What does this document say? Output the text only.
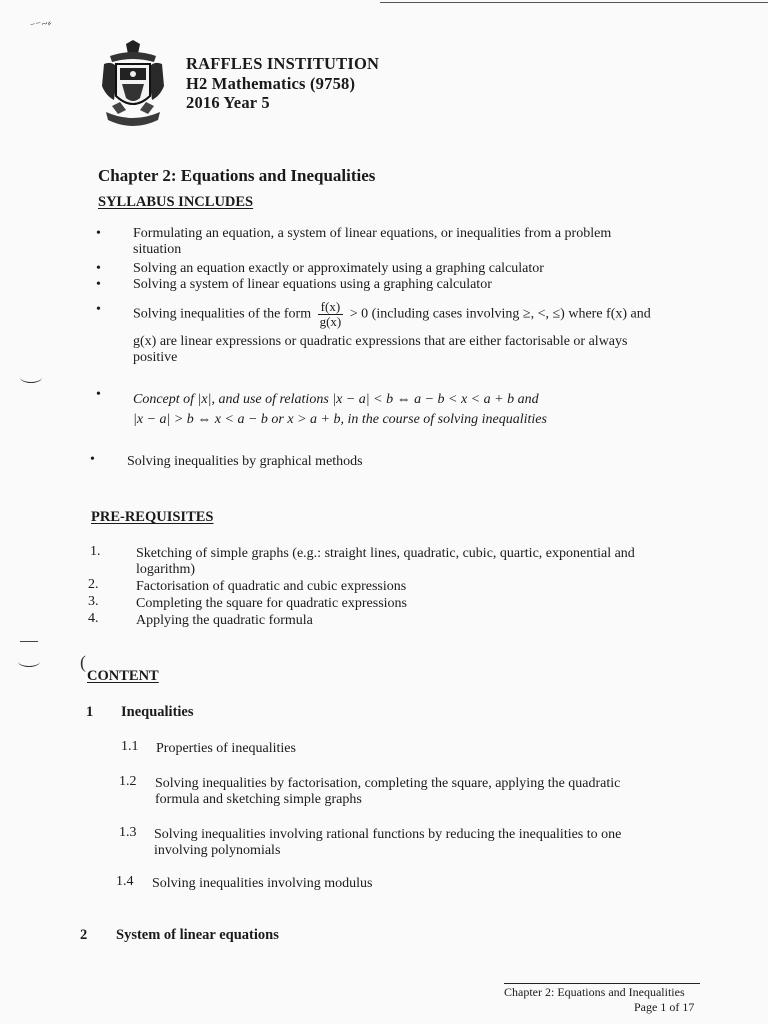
⁻⁻~⸗
RAFFLES INSTITUTION
H2 Mathematics (9758)
2016 Year 5
Chapter 2: Equations and Inequalities
SYLLABUS INCLUDES
• Formulating an equation, a system of linear equations, or inequalities from a problem
situation
• Solving an equation exactly or approximately using a graphing calculator
• Solving a system of linear equations using a graphing calculator
• Solving inequalities of the form $\frac{f(x)}{g(x)} > 0$ (including cases involving ≥, <, ≤) where f(x) and
g(x) are linear expressions or quadratic expressions that are either factorisable or always
positive
• Concept of |x|, and use of relations |x − a| < b ⇔ a − b < x < a + b and
|x − a| > b ⇔ x < a − b or x > a + b, in the course of solving inequalities
• Solving inequalities by graphical methods
PRE-REQUISITES
1.	Sketching of simple graphs (e.g.: straight lines, quadratic, cubic, quartic, exponential and
logarithm)
2.	Factorisation of quadratic and cubic expressions
3.	Completing the square for quadratic expressions
4.	Applying the quadratic formula
CONTENT
1 Inequalities
1.1 Properties of inequalities
1.2 Solving inequalities by factorisation, completing the square, applying the quadratic
formula and sketching simple graphs
1.3 Solving inequalities involving rational functions by reducing the inequalities to one
involving polynomials
1.4 Solving inequalities involving modulus
2 System of linear equations
Chapter 2: Equations and Inequalities
Page 1 of 17
(
